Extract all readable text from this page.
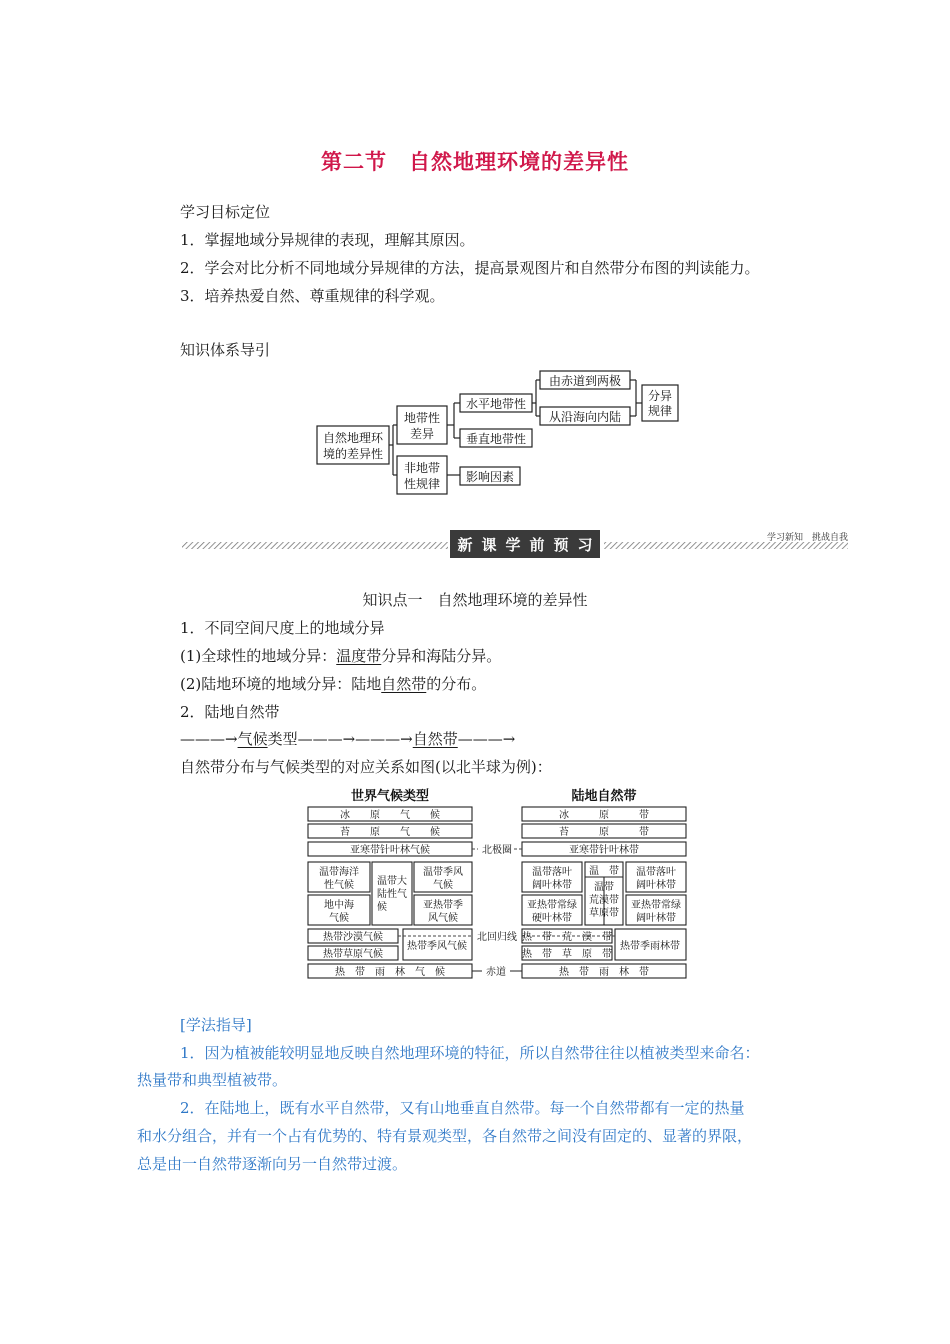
第二节　自然地理环境的差异性
学习目标定位
1．掌握地域分异规律的表现，理解其原因。
2．学会对比分析不同地域分异规律的方法，提高景观图片和自然带分布图的判读能力。
3．培养热爱自然、尊重规律的科学观。
知识体系导引
自然地理环
境的差异性
地带性
差异
非地带
性规律
水平地带性
垂直地带性
由赤道到两极
从沿海向内陆
分异
规律
影响因素
新 课 学 前 预 习	学习新知　挑战自我
知识点一　自然地理环境的差异性
1．不同空间尺度上的地域分异
(1)全球性的地域分异：温度带分异和海陆分异。
(2)陆地环境的地域分异：陆地自然带的分布。
2．陆地自然带
———→气候类型———→———→自然带———→
自然带分布与气候类型的对应关系如图(以北半球为例)：
世界气候类型	陆地自然带
冰　　原　　气　　候
苔　　原　　气　　候
亚寒带针叶林气候
温带海洋
性气候
地中海
气候
温带大
陆性气
候
温带季风
气候
亚热带季
风气候
热带沙漠气候
热带草原气候
热带季风气候
热　带　雨　林　气　候
北极圈
北回归线
赤道
冰　　　原　　　带
苔　　　原　　　带
亚寒带针叶林带
温带落叶
阔叶林带
温　带
温带
荒漠带
草原带
温带落叶
阔叶林带
亚热带常绿
硬叶林带
亚热带常绿
阔叶林带
热　带　荒　漠　带
热　带　草　原　带
热带季雨林带
热　带　雨　林　带
[学法指导]
1．因为植被能较明显地反映自然地理环境的特征，所以自然带往往以植被类型来命名：
热量带和典型植被带。
2．在陆地上，既有水平自然带，又有山地垂直自然带。每一个自然带都有一定的热量
和水分组合，并有一个占有优势的、特有景观类型，各自然带之间没有固定的、显著的界限，
总是由一自然带逐渐向另一自然带过渡。
